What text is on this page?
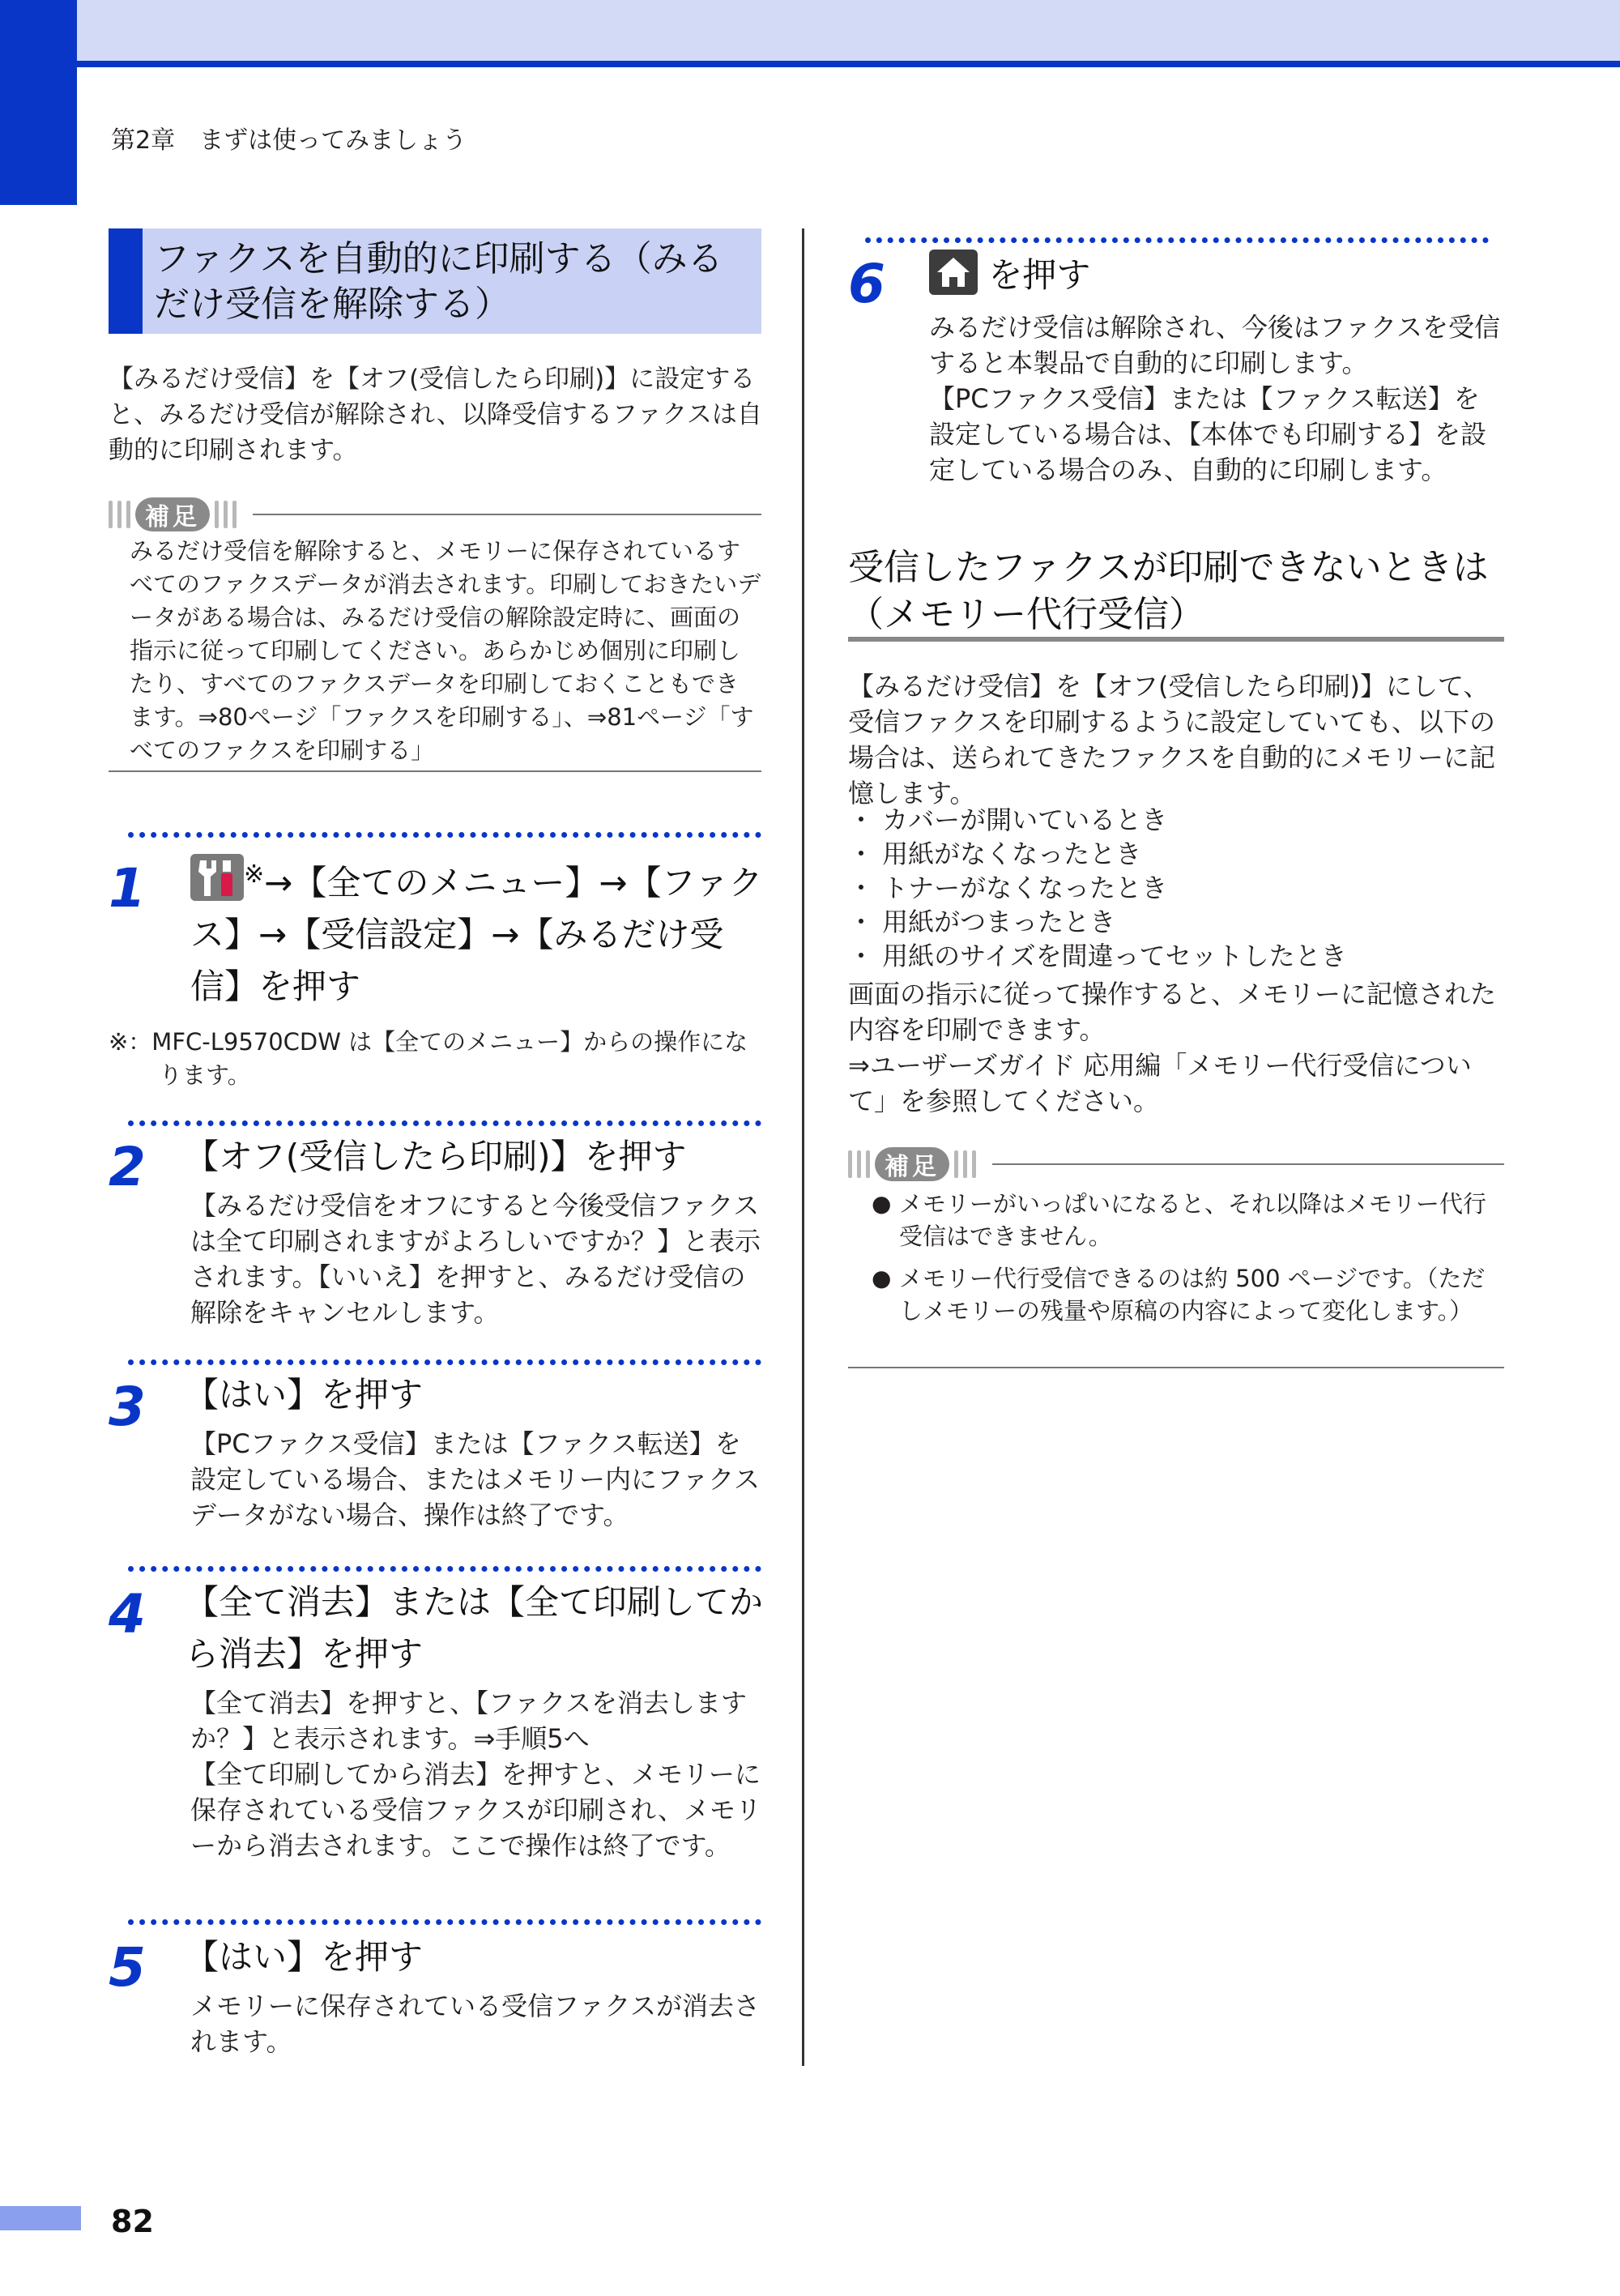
第2章　まずは使ってみましょう
ファクスを自動的に印刷する（みるだけ受信を解除する）
【みるだけ受信】を【オフ(受信したら印刷)】に設定すると、みるだけ受信が解除され、以降受信するファクスは自動的に印刷されます。
補足
みるだけ受信を解除すると、メモリーに保存されているすべてのファクスデータが消去されます。印刷しておきたいデータがある場合は、みるだけ受信の解除設定時に、画面の指示に従って印刷してください。あらかじめ個別に印刷したり、すべてのファクスデータを印刷しておくこともできます。⇒80ページ「ファクスを印刷する」、⇒81ページ「すべてのファクスを印刷する」
1	※→【全てのメニュー】→【ファクス】→【受信設定】→【みるだけ受信】を押す
※：MFC-L9570CDW は【全てのメニュー】からの操作になります。
2 【オフ(受信したら印刷)】を押す
【みるだけ受信をオフにすると今後受信ファクスは全て印刷されますがよろしいですか？】と表示されます。【いいえ】を押すと、みるだけ受信の解除をキャンセルします。
3 【はい】を押す
【PCファクス受信】または【ファクス転送】を設定している場合、またはメモリー内にファクスデータがない場合、操作は終了です。
4 【全て消去】または【全て印刷してから消去】を押す
【全て消去】を押すと、【ファクスを消去しますか？】と表示されます。⇒手順5へ
【全て印刷してから消去】を押すと、メモリーに保存されている受信ファクスが印刷され、メモリーから消去されます。ここで操作は終了です。
5 【はい】を押す
メモリーに保存されている受信ファクスが消去されます。
6	を押す
みるだけ受信は解除され、今後はファクスを受信すると本製品で自動的に印刷します。
【PCファクス受信】または【ファクス転送】を設定している場合は、【本体でも印刷する】を設定している場合のみ、自動的に印刷します。
受信したファクスが印刷できないときは（メモリー代行受信）
【みるだけ受信】を【オフ(受信したら印刷)】にして、受信ファクスを印刷するように設定していても、以下の場合は、送られてきたファクスを自動的にメモリーに記憶します。
・ カバーが開いているとき
・ 用紙がなくなったとき
・ トナーがなくなったとき
・ 用紙がつまったとき
・ 用紙のサイズを間違ってセットしたとき
画面の指示に従って操作すると、メモリーに記憶された内容を印刷できます。
⇒ユーザーズガイド 応用編「メモリー代行受信について」を参照してください。
補足
● メモリーがいっぱいになると、それ以降はメモリー代行受信はできません。
● メモリー代行受信できるのは約 500 ページです。（ただしメモリーの残量や原稿の内容によって変化します。）
82
